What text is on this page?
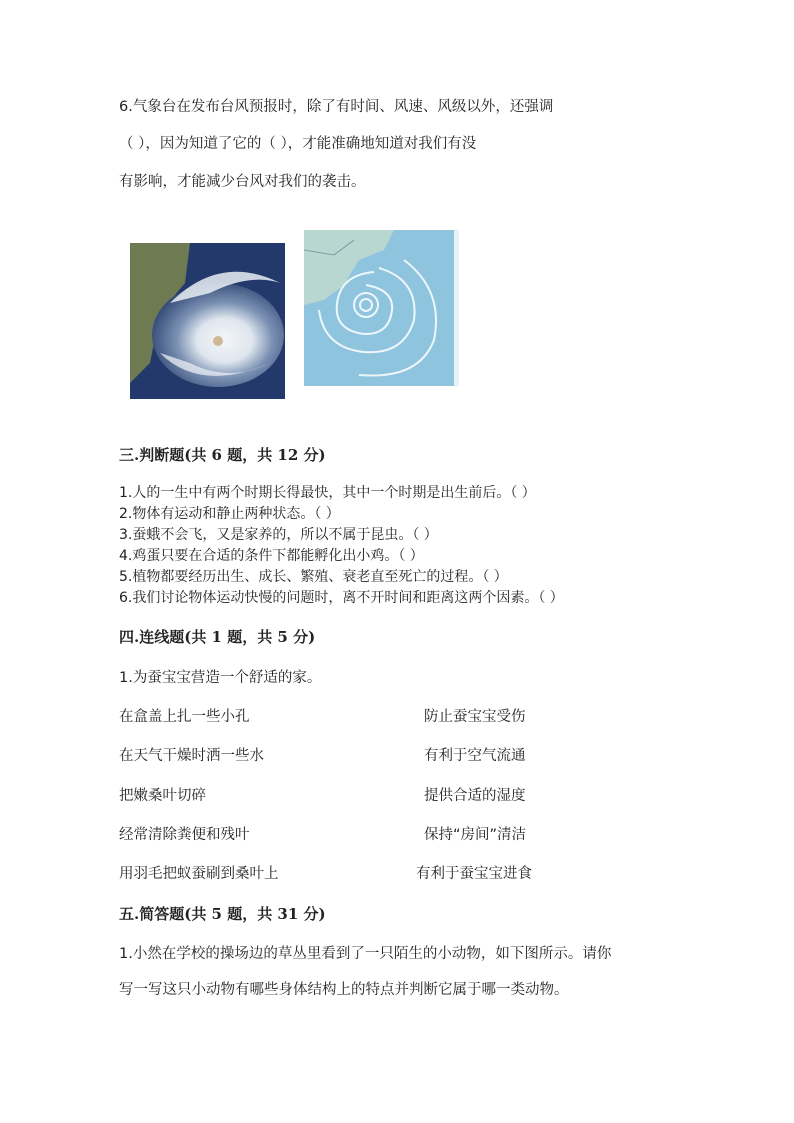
6.气象台在发布台风预报时，除了有时间、风速、风级以外，还强调
（ ），因为知道了它的（ ），才能准确地知道对我们有没
有影响，才能减少台风对我们的袭击。
三.判断题(共 6 题，共 12 分)
1.人的一生中有两个时期长得最快，其中一个时期是出生前后。（ ）
2.物体有运动和静止两种状态。（ ）
3.蚕蛾不会飞，又是家养的，所以不属于昆虫。（ ）
4.鸡蛋只要在合适的条件下都能孵化出小鸡。（ ）
5.植物都要经历出生、成长、繁殖、衰老直至死亡的过程。（ ）
6.我们讨论物体运动快慢的问题时，离不开时间和距离这两个因素。（ ）
四.连线题(共 1 题，共 5 分)
1.为蚕宝宝营造一个舒适的家。
在盒盖上扎一些小孔	防止蚕宝宝受伤
在天气干燥时洒一些水	有利于空气流通
把嫩桑叶切碎	提供合适的湿度
经常清除粪便和残叶	保持“房间”清洁
用羽毛把蚁蚕刷到桑叶上	有利于蚕宝宝进食
五.简答题(共 5 题，共 31 分)
1.小然在学校的操场边的草丛里看到了一只陌生的小动物，如下图所示。请你
写一写这只小动物有哪些身体结构上的特点并判断它属于哪一类动物。
